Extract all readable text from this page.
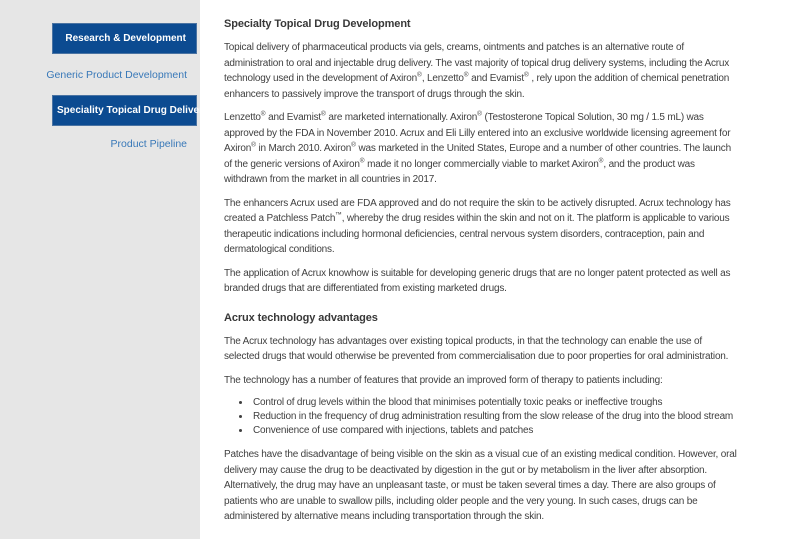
Research & Development
Generic Product Development
Speciality Topical Drug Delivery
Product Pipeline
Specialty Topical Drug Development

Topical delivery of pharmaceutical products via gels, creams, ointments and patches is an alternative route of administration to oral and injectable drug delivery. The vast majority of topical drug delivery systems, including the Acrux technology used in the development of Axiron®, Lenzetto® and Evamist® , rely upon the addition of chemical penetration enhancers to passively improve the transport of drugs through the skin.

Lenzetto® and Evamist® are marketed internationally. Axiron® (Testosterone Topical Solution, 30 mg / 1.5 mL) was approved by the FDA in November 2010. Acrux and Eli Lilly entered into an exclusive worldwide licensing agreement for Axiron® in March 2010. Axiron® was marketed in the United States, Europe and a number of other countries. The launch of the generic versions of Axiron® made it no longer commercially viable to market Axiron®, and the product was withdrawn from the market in all countries in 2017.

The enhancers Acrux used are FDA approved and do not require the skin to be actively disrupted. Acrux technology has created a Patchless Patch™, whereby the drug resides within the skin and not on it. The platform is applicable to various therapeutic indications including hormonal deficiencies, central nervous system disorders, contraception, pain and dermatological conditions.

The application of Acrux knowhow is suitable for developing generic drugs that are no longer patent protected as well as branded drugs that are differentiated from existing marketed drugs.

Acrux technology advantages

The Acrux technology has advantages over existing topical products, in that the technology can enable the use of selected drugs that would otherwise be prevented from commercialisation due to poor properties for oral administration.

The technology has a number of features that provide an improved form of therapy to patients including:

• Control of drug levels within the blood that minimises potentially toxic peaks or ineffective troughs
• Reduction in the frequency of drug administration resulting from the slow release of the drug into the blood stream
• Convenience of use compared with injections, tablets and patches

Patches have the disadvantage of being visible on the skin as a visual cue of an existing medical condition. However, oral delivery may cause the drug to be deactivated by digestion in the gut or by metabolism in the liver after absorption. Alternatively, the drug may have an unpleasant taste, or must be taken several times a day. There are also groups of patients who are unable to swallow pills, including older people and the very young. In such cases, drugs can be administered by alternative means including transportation through the skin.
